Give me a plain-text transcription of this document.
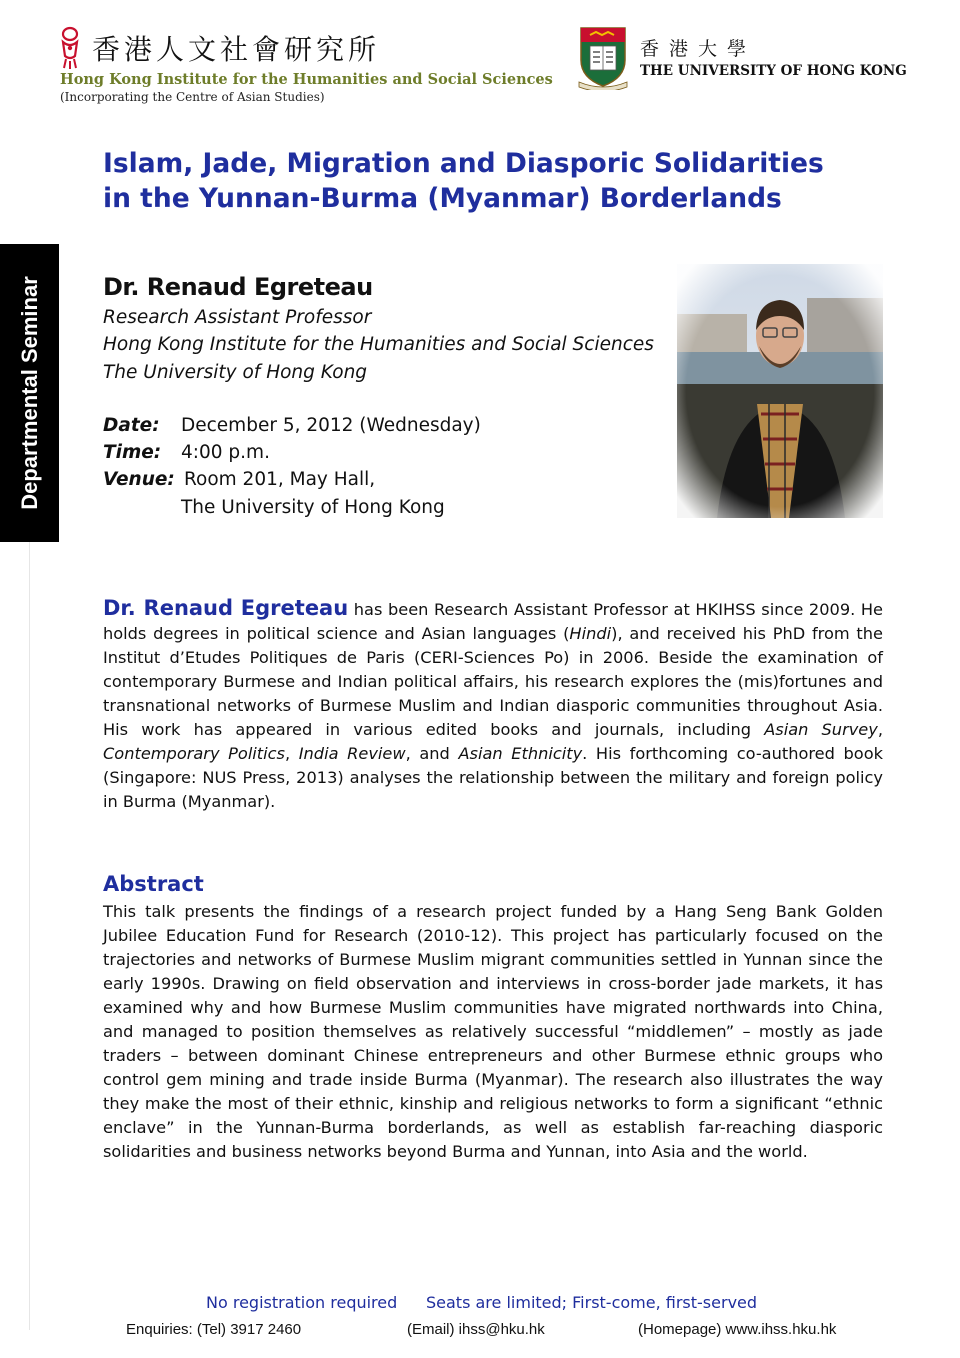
香港人文社會研究所
Hong Kong Institute for the Humanities and Social Sciences
(Incorporating the Centre of Asian Studies)
香港大學
THE UNIVERSITY OF HONG KONG
Islam, Jade, Migration and Diasporic Solidarities
in the Yunnan-Burma (Myanmar) Borderlands
Departmental Seminar	Dr. Renaud Egreteau
Research Assistant Professor
Hong Kong Institute for the Humanities and Social Sciences
The University of Hong Kong
Date: December 5, 2012 (Wednesday)
Time: 4:00 p.m.
Venue: Room 201, May Hall,
The University of Hong Kong
Dr. Renaud Egreteau has been Research Assistant Professor at HKIHSS since 2009. He holds degrees in political science and Asian languages (Hindi), and received his PhD from the Institut d’Etudes Politiques de Paris (CERI-Sciences Po) in 2006. Beside the examination of contemporary Burmese and Indian political affairs, his research explores the (mis)fortunes and transnational networks of Burmese Muslim and Indian diasporic communities throughout Asia. His work has appeared in various edited books and journals, including Asian Survey, Contemporary Politics, India Review, and Asian Ethnicity. His forthcoming co-authored book (Singapore: NUS Press, 2013) analyses the relationship between the military and foreign policy in Burma (Myanmar).
Abstract
This talk presents the findings of a research project funded by a Hang Seng Bank Golden Jubilee Education Fund for Research (2010-12). This project has particularly focused on the trajectories and networks of Burmese Muslim migrant communities settled in Yunnan since the early 1990s. Drawing on field observation and interviews in cross-border jade markets, it has examined why and how Burmese Muslim communities have migrated northwards into China, and managed to position themselves as relatively successful “middlemen” – mostly as jade traders – between dominant Chinese entrepreneurs and other Burmese ethnic groups who control gem mining and trade inside Burma (Myanmar). The research also illustrates the way they make the most of their ethnic, kinship and religious networks to form a significant “ethnic enclave” in the Yunnan-Burma borderlands, as well as establish far-reaching diasporic solidarities and business networks beyond Burma and Yunnan, into Asia and the world.
No registration required Seats are limited; First-come, first-served
Enquiries: (Tel) 3917 2460	(Email) ihss@hku.hk	(Homepage) www.ihss.hku.hk
